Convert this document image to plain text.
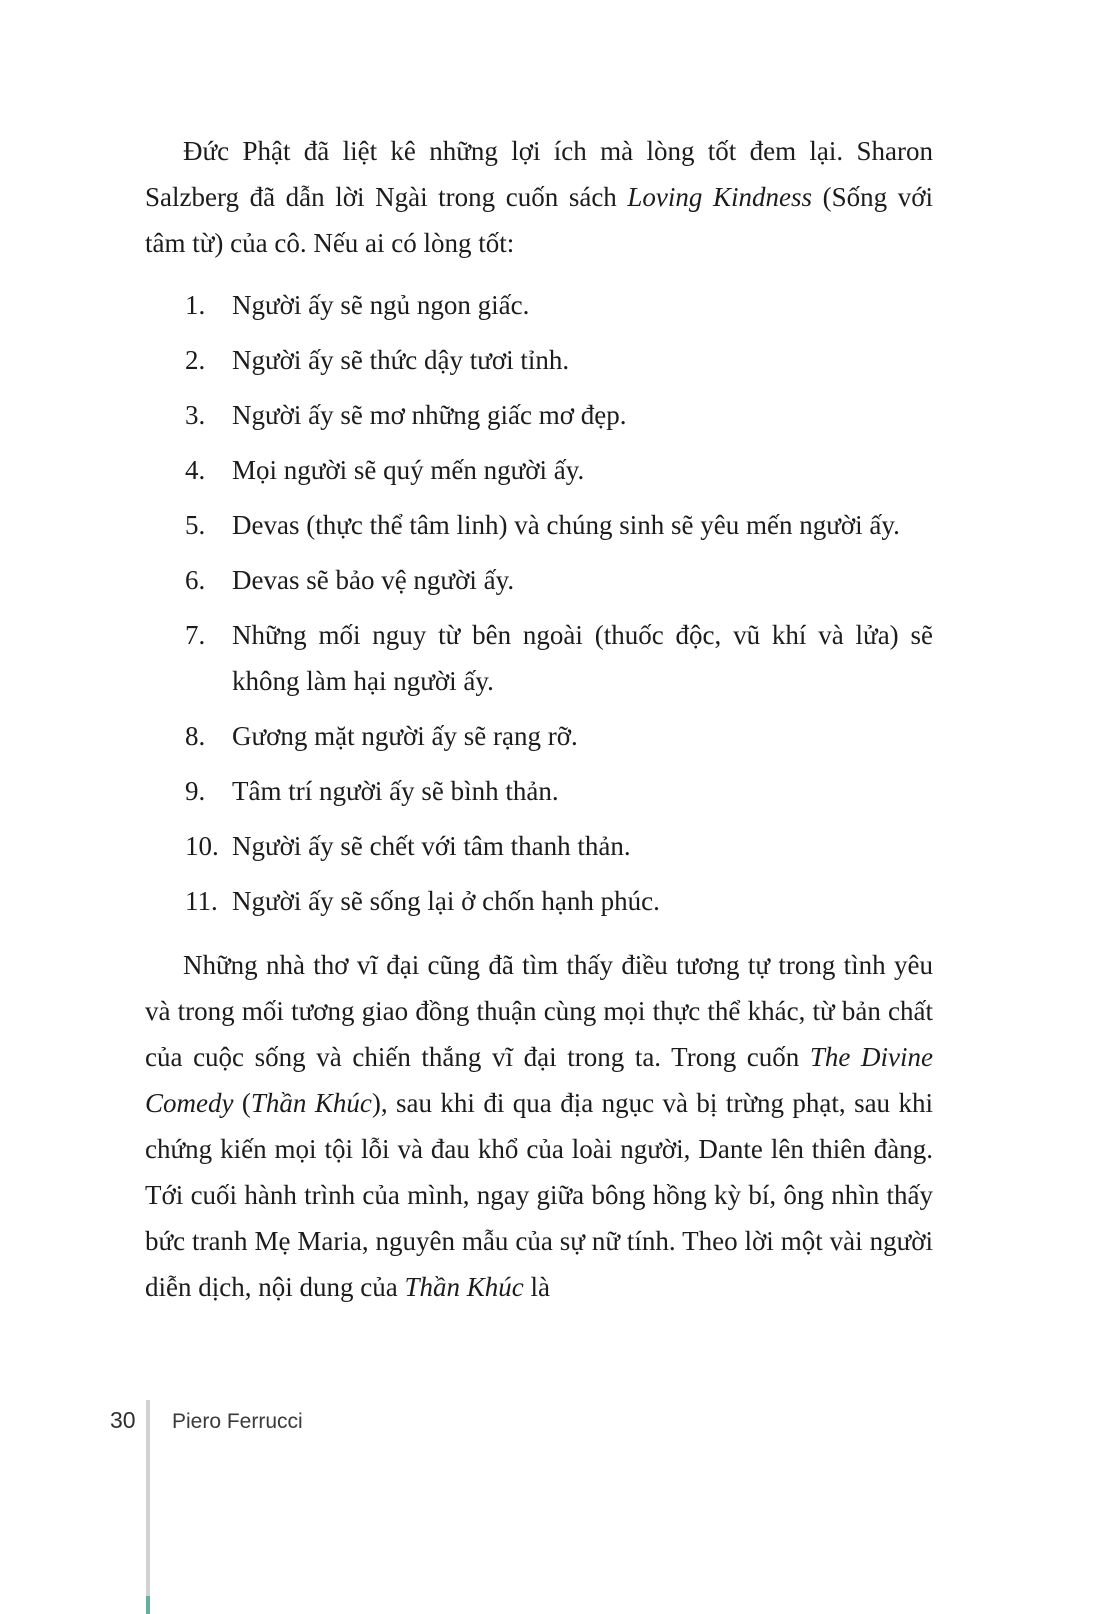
Đức Phật đã liệt kê những lợi ích mà lòng tốt đem lại. Sharon Salzberg đã dẫn lời Ngài trong cuốn sách Loving Kindness (Sống với tâm từ) của cô. Nếu ai có lòng tốt:

1. Người ấy sẽ ngủ ngon giấc.
2. Người ấy sẽ thức dậy tươi tỉnh.
3. Người ấy sẽ mơ những giấc mơ đẹp.
4. Mọi người sẽ quý mến người ấy.
5. Devas (thực thể tâm linh) và chúng sinh sẽ yêu mến người ấy.
6. Devas sẽ bảo vệ người ấy.
7. Những mối nguy từ bên ngoài (thuốc độc, vũ khí và lửa) sẽ không làm hại người ấy.
8. Gương mặt người ấy sẽ rạng rỡ.
9. Tâm trí người ấy sẽ bình thản.
10. Người ấy sẽ chết với tâm thanh thản.
11. Người ấy sẽ sống lại ở chốn hạnh phúc.

Những nhà thơ vĩ đại cũng đã tìm thấy điều tương tự trong tình yêu và trong mối tương giao đồng thuận cùng mọi thực thể khác, từ bản chất của cuộc sống và chiến thắng vĩ đại trong ta. Trong cuốn The Divine Comedy (Thần Khúc), sau khi đi qua địa ngục và bị trừng phạt, sau khi chứng kiến mọi tội lỗi và đau khổ của loài người, Dante lên thiên đàng. Tới cuối hành trình của mình, ngay giữa bông hồng kỳ bí, ông nhìn thấy bức tranh Mẹ Maria, nguyên mẫu của sự nữ tính. Theo lời một vài người diễn dịch, nội dung của Thần Khúc là

30 Piero Ferrucci
